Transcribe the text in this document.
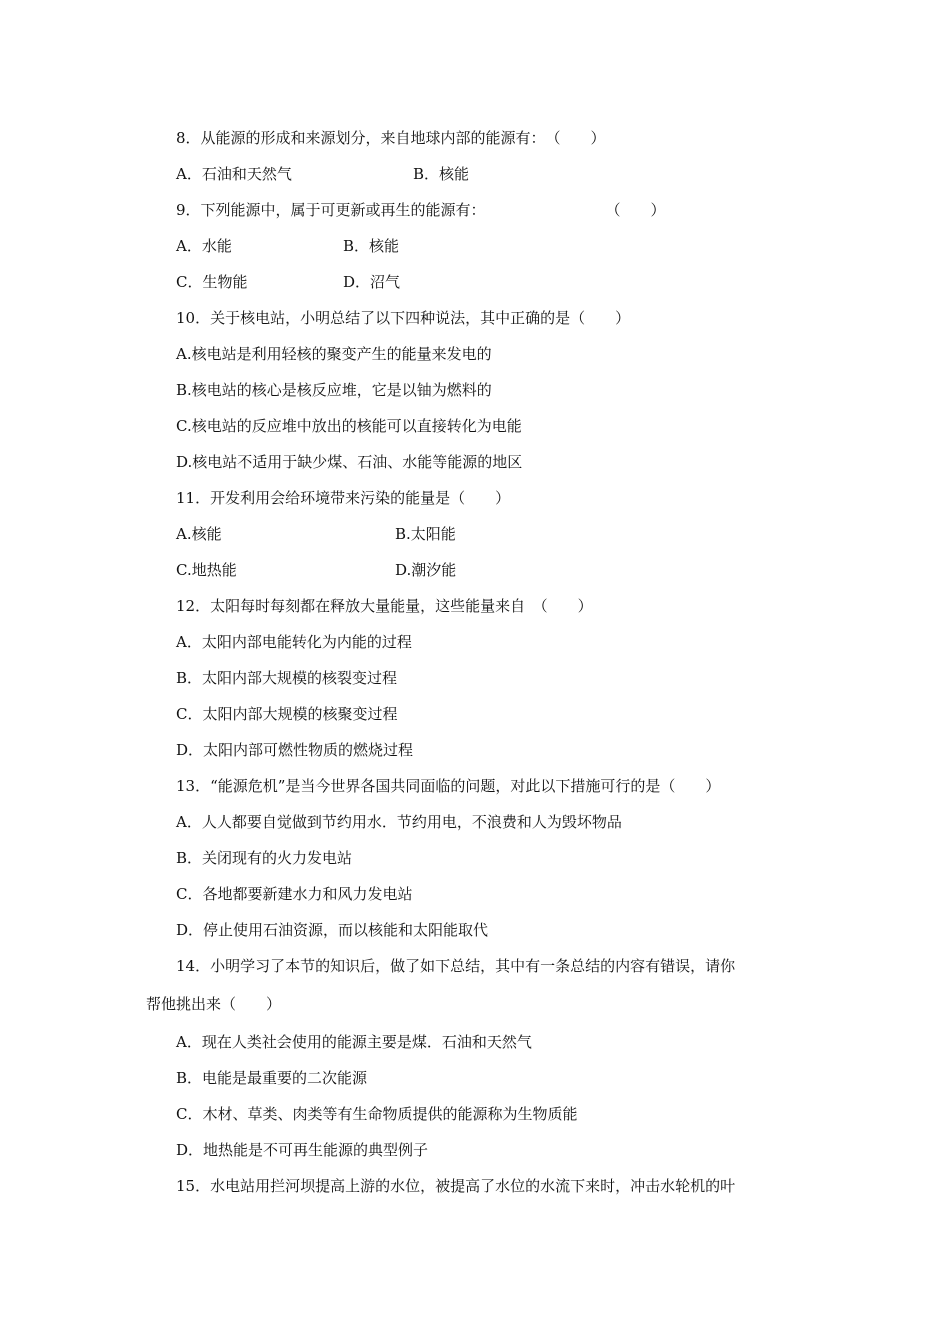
8．从能源的形成和来源划分，来自地球内部的能源有：　（　　）
A．石油和天然气	B．核能
9．下列能源中，属于可更新或再生的能源有：　　　　　　　　　（　　）
A．水能	B．核能
C．生物能	D．沼气
10．关于核电站，小明总结了以下四种说法，其中正确的是（　　）
A.核电站是利用轻核的聚变产生的能量来发电的
B.核电站的核心是核反应堆，它是以铀为燃料的
C.核电站的反应堆中放出的核能可以直接转化为电能
D.核电站不适用于缺少煤、石油、水能等能源的地区
11．开发利用会给环境带来污染的能量是（　　）
A.核能	B.太阳能
C.地热能	D.潮汐能
12．太阳每时每刻都在释放大量能量，这些能量来自　（　　）
A．太阳内部电能转化为内能的过程
B．太阳内部大规模的核裂变过程
C．太阳内部大规模的核聚变过程
D．太阳内部可燃性物质的燃烧过程
13．“能源危机”是当今世界各国共同面临的问题，对此以下措施可行的是（　　）
A．人人都要自觉做到节约用水．节约用电，不浪费和人为毁坏物品
B．关闭现有的火力发电站
C．各地都要新建水力和风力发电站
D．停止使用石油资源，而以核能和太阳能取代
14．小明学习了本节的知识后，做了如下总结，其中有一条总结的内容有错误，请你
帮他挑出来（　　）
A．现在人类社会使用的能源主要是煤．石油和天然气
B．电能是最重要的二次能源
C．木材、草类、肉类等有生命物质提供的能源称为生物质能
D．地热能是不可再生能源的典型例子
15．水电站用拦河坝提高上游的水位，被提高了水位的水流下来时，冲击水轮机的叶
